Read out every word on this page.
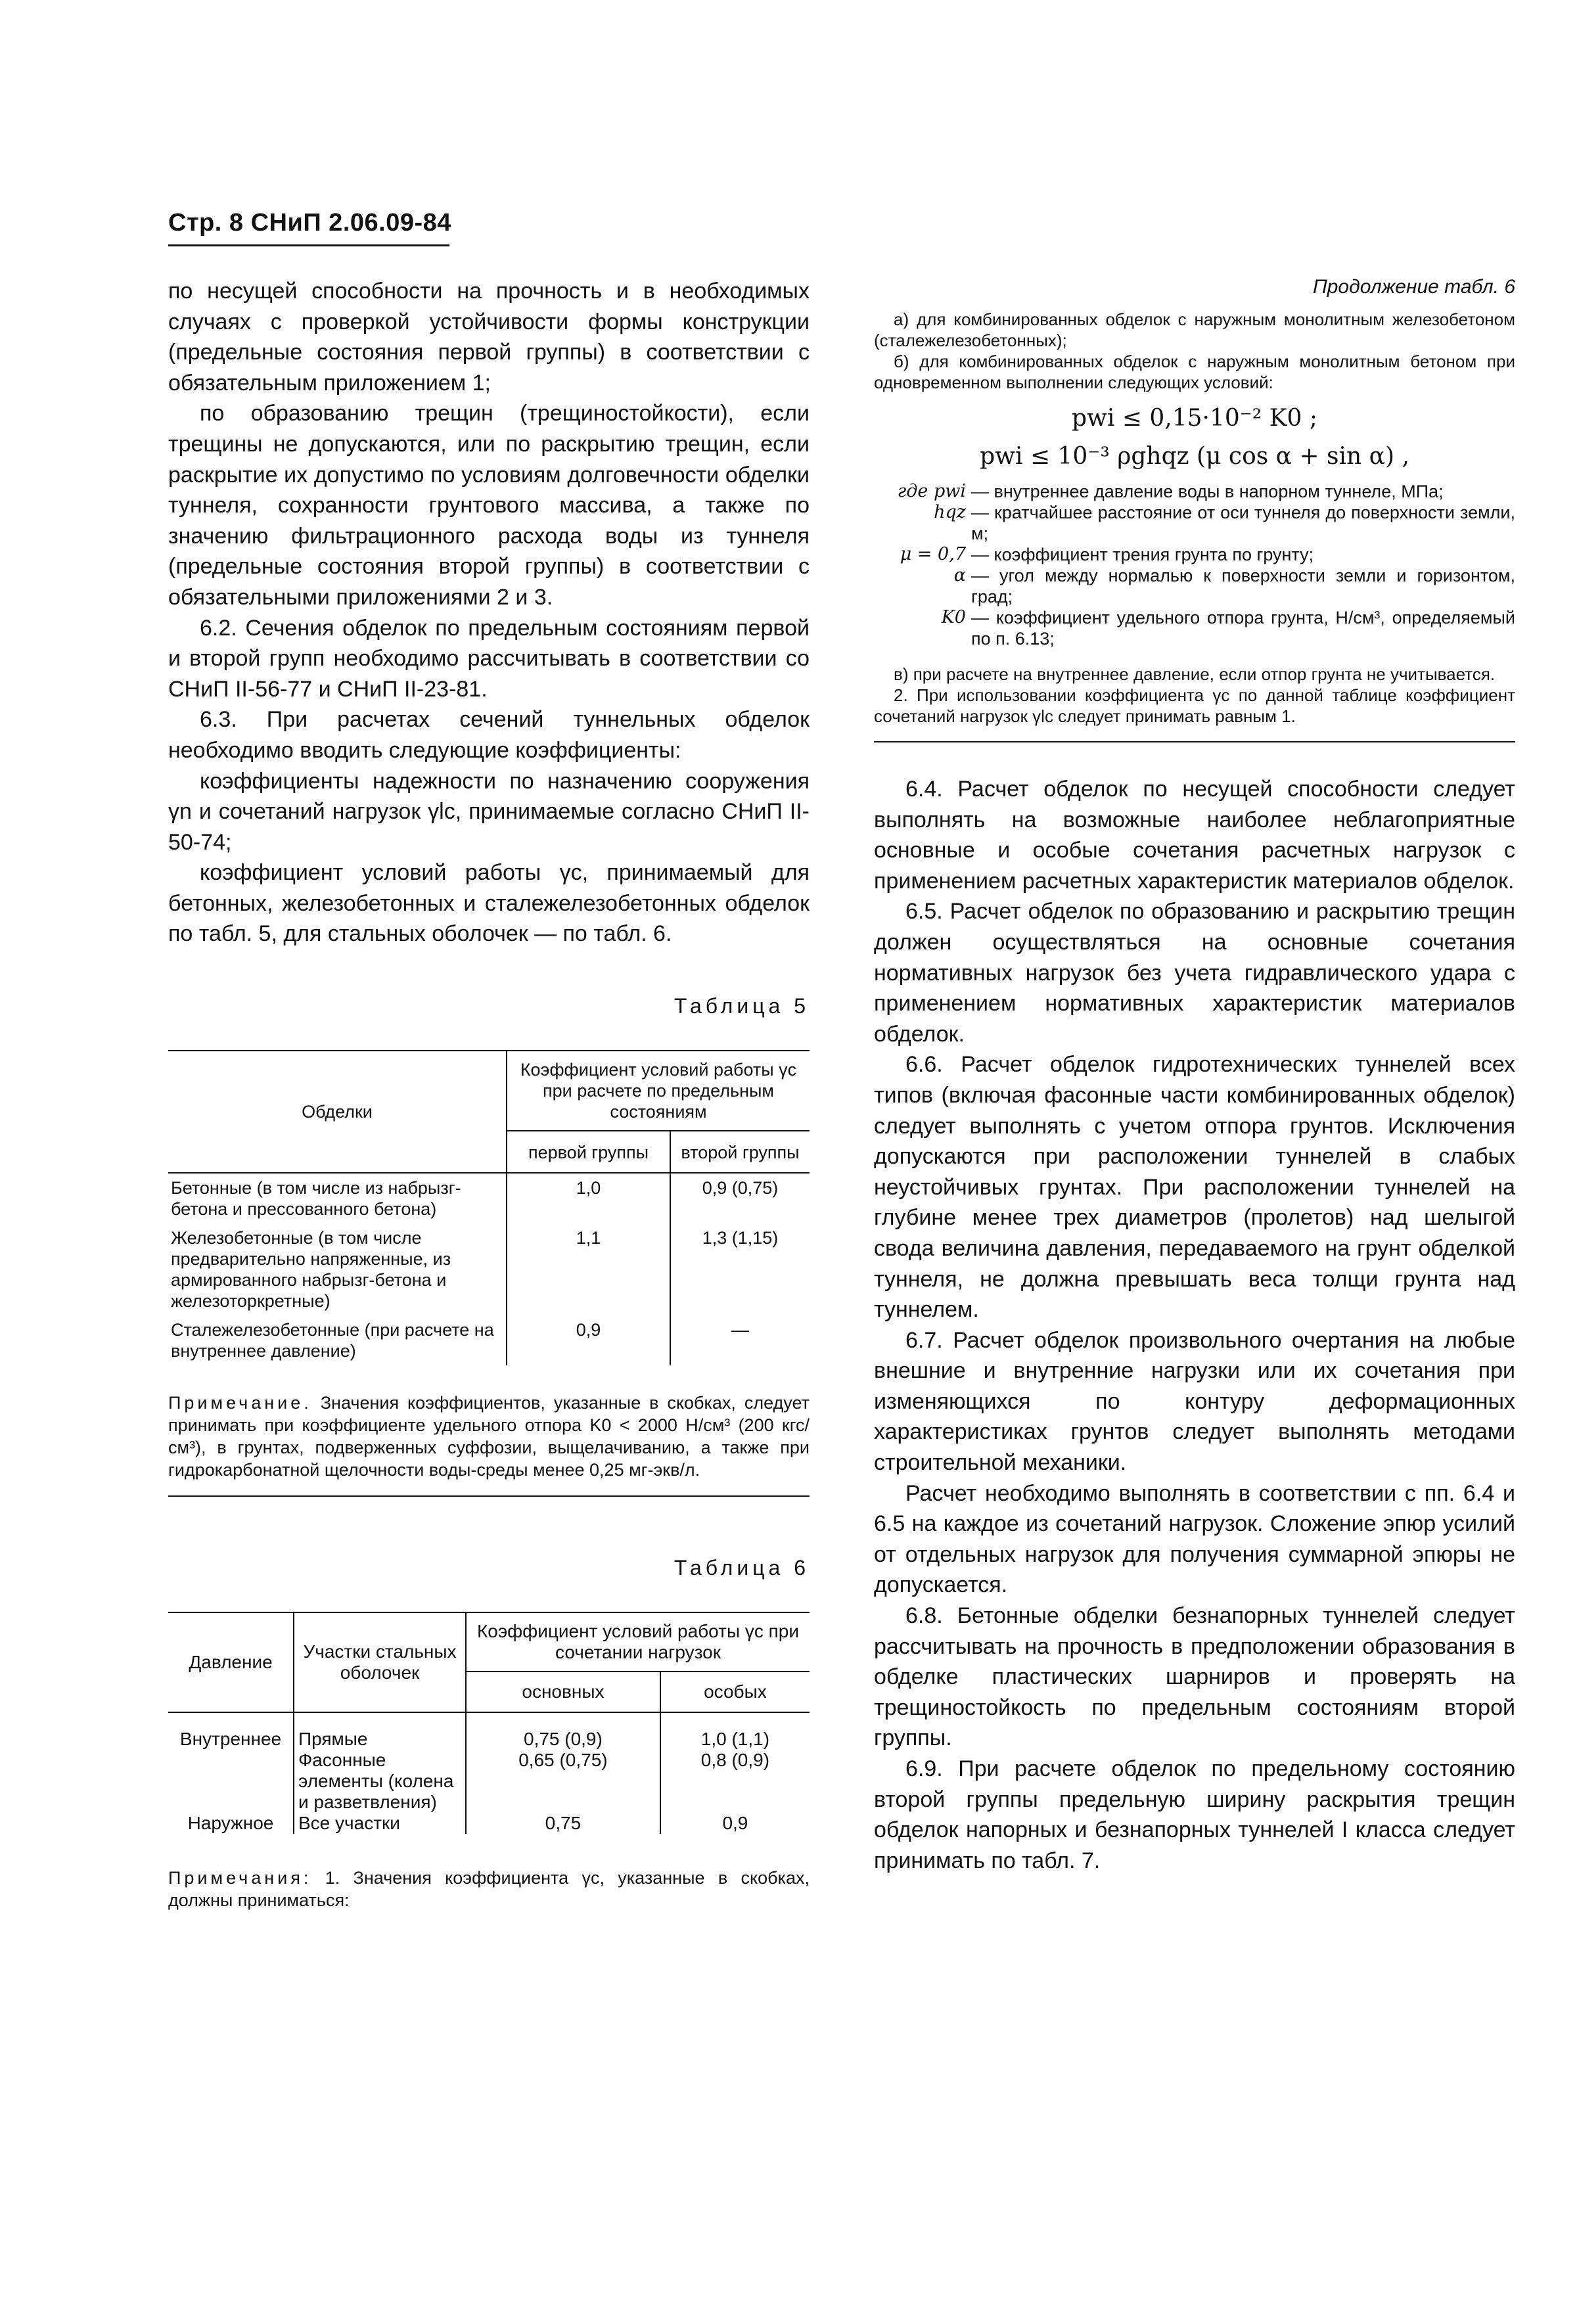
Стр. 8 СНиП 2.06.09-84

по несущей способности на прочность и в необходимых случаях с проверкой устойчивости формы конструкции (предельные состояния первой группы) в соответствии с обязательным приложением 1;

по образованию трещин (трещиностойкости), если трещины не допускаются, или по раскрытию трещин, если раскрытие их допустимо по условиям долговечности обделки туннеля, сохранности грунтового массива, а также по значению фильтрационного расхода воды из туннеля (предельные состояния второй группы) в соответствии с обязательными приложениями 2 и 3.

6.2. Сечения обделок по предельным состояниям первой и второй групп необходимо рассчитывать в соответствии со СНиП II-56-77 и СНиП II-23-81.

6.3. При расчетах сечений туннельных обделок необходимо вводить следующие коэффициенты:

коэффициенты надежности по назначению сооружения γn и сочетаний нагрузок γlc, принимаемые согласно СНиП II-50-74;

коэффициент условий работы γc, принимаемый для бетонных, железобетонных и сталежелезобетонных обделок по табл. 5, для стальных оболочек — по табл. 6.

Таблица 5

Обделки	Коэффициент условий работы γc при расчете по предельным состояниям	
	первой группы	второй группы
Бетонные (в том числе из набрызг-бетона и прессованного бетона)	1,0	0,9 (0,75)
Железобетонные (в том числе предварительно напряженные, из армированного набрызг-бетона и железоторкретные)	1,1	1,3 (1,15)
Сталежелезобетонные (при расчете на внутреннее давление)	0,9	—

Примечание. Значения коэффициентов, указанные в скобках, следует принимать при коэффициенте удельного отпора K0 < 2000 Н/см³ (200 кгс/см³), в грунтах, подверженных суффозии, выщелачиванию, а также при гидрокарбонатной щелочности воды-среды менее 0,25 мг-экв/л.

Таблица 6

Давление	Участки стальных оболочек	Коэффициент условий работы γc при сочетании нагрузок	
		основных	особых
Внутреннее	Прямые	0,75 (0,9)	1,0 (1,1)
	Фасонные элементы (колена и разветвления)	0,65 (0,75)	0,8 (0,9)
Наружное	Все участки	0,75	0,9

Примечания: 1. Значения коэффициента γc, указанные в скобках, должны приниматься:

Продолжение табл. 6

а) для комбинированных обделок с наружным монолитным железобетоном (сталежелезобетонных);

б) для комбинированных обделок с наружным монолитным бетоном при одновременном выполнении следующих условий:

pwi ≤ 0,15·10⁻² K0 ;
pwi ≤ 10⁻³ ρghqz (μ cos α + sin α) ,
где pwi — внутреннее давление воды в напорном туннеле, МПа;
hqz — кратчайшее расстояние от оси туннеля до поверхности земли, м;
μ = 0,7 — коэффициент трения грунта по грунту;
α — угол между нормалью к поверхности земли и горизонтом, град;
K0 — коэффициент удельного отпора грунта, Н/см³, определяемый по п. 6.13;

в) при расчете на внутреннее давление, если отпор грунта не учитывается.

2. При использовании коэффициента γc по данной таблице коэффициент сочетаний нагрузок γlc следует принимать равным 1.

6.4. Расчет обделок по несущей способности следует выполнять на возможные наиболее неблагоприятные основные и особые сочетания расчетных нагрузок с применением расчетных характеристик материалов обделок.

6.5. Расчет обделок по образованию и раскрытию трещин должен осуществляться на основные сочетания нормативных нагрузок без учета гидравлического удара с применением нормативных характеристик материалов обделок.

6.6. Расчет обделок гидротехнических туннелей всех типов (включая фасонные части комбинированных обделок) следует выполнять с учетом отпора грунтов. Исключения допускаются при расположении туннелей в слабых неустойчивых грунтах. При расположении туннелей на глубине менее трех диаметров (пролетов) над шелыгой свода величина давления, передаваемого на грунт обделкой туннеля, не должна превышать веса толщи грунта над туннелем.

6.7. Расчет обделок произвольного очертания на любые внешние и внутренние нагрузки или их сочетания при изменяющихся по контуру деформационных характеристиках грунтов следует выполнять методами строительной механики.

Расчет необходимо выполнять в соответствии с пп. 6.4 и 6.5 на каждое из сочетаний нагрузок. Сложение эпюр усилий от отдельных нагрузок для получения суммарной эпюры не допускается.

6.8. Бетонные обделки безнапорных туннелей следует рассчитывать на прочность в предположении образования в обделке пластических шарниров и проверять на трещиностойкость по предельным состояниям второй группы.

6.9. При расчете обделок по предельному состоянию второй группы предельную ширину раскрытия трещин обделок напорных и безнапорных туннелей I класса следует принимать по табл. 7.
